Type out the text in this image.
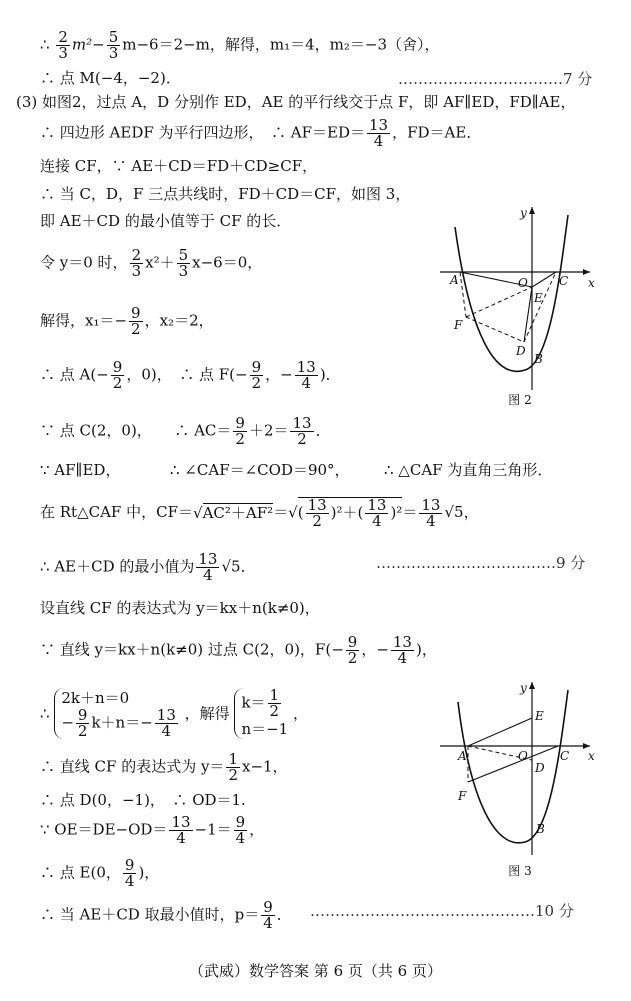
∴ $\frac{2}{3} m^2- \frac{5}{3} m-6=2-m$，解得，m₁＝4，m₂＝−3（舍），
∴ 点 M(−4，−2)．	……………………………7 分
(3) 如图2，过点 A，D 分别作 ED，AE 的平行线交于点 F，即 AF∥ED，FD∥AE，
∴ 四边形 AEDF 为平行四边形，　∴ $AF=ED= \frac{13}{4}$ ，FD＝AE．
连接 CF，∵ AE＋CD＝FD＋CD≥CF，
∴ 当 C，D，F 三点共线时，FD＋CD＝CF，如图 3，
即 AE＋CD 的最小值等于 CF 的长．
令 y＝0 时， $\frac{2}{3} x^2+ \frac{5}{3} x-6=0$，
解得，$x_1=- \frac{9}{2}$ ，x₂＝2，
∴ 点 $A(- \frac{9}{2}$ ，0)，　∴ 点 $F(- \frac{9}{2}$ ，− $\frac{13}{4}$ )．
∵ 点 C(2，0)，　　∴ $AC= \frac{9}{2} +2= \frac{13}{2}$ ．
∵ AF∥ED，	∴ ∠CAF＝∠COD＝90°， ∴ △CAF 为直角三角形．
在 Rt△CAF 中，$CF=√AC^2+AF^2=√( \frac{13}{2} )^2+( \frac{13}{4} )^2= \frac{13}{4} √5$，
∴ AE＋CD 的最小值为 $\frac{13}{4} √5$．	………………………………9 分
设直线 CF 的表达式为 y＝kx＋n(k≠0)，
∵ 直线 y＝kx＋n(k≠0) 过点 C(2，0)，$F(- \frac{9}{2}$ ，− $\frac{13}{4}$ )，
∴
2k＋n＝0
− $\frac{9}{2} k+n=- \frac{13}{4}$ ，解得
$k= \frac{1}{2}$
n＝−1
，
∴ 直线 CF 的表达式为 $y= \frac{1}{2} x-1$，
∴ 点 D(0，−1)，　∴ OD＝1.
∵ $OE=DE-OD= \frac{13}{4} -1= \frac{9}{4}$ ，
∴ 点 E(0， $\frac{9}{4}$ )，
∴ 当 AE＋CD 取最小值时，$p= \frac{9}{4}$ ． ………………………………………10 分
y
x
O
A	C
E
F
D
B
图 2
y
x
O
A	C
E
F
D
B
图 3
（武威）数学答案 第 6 页（共 6 页）
